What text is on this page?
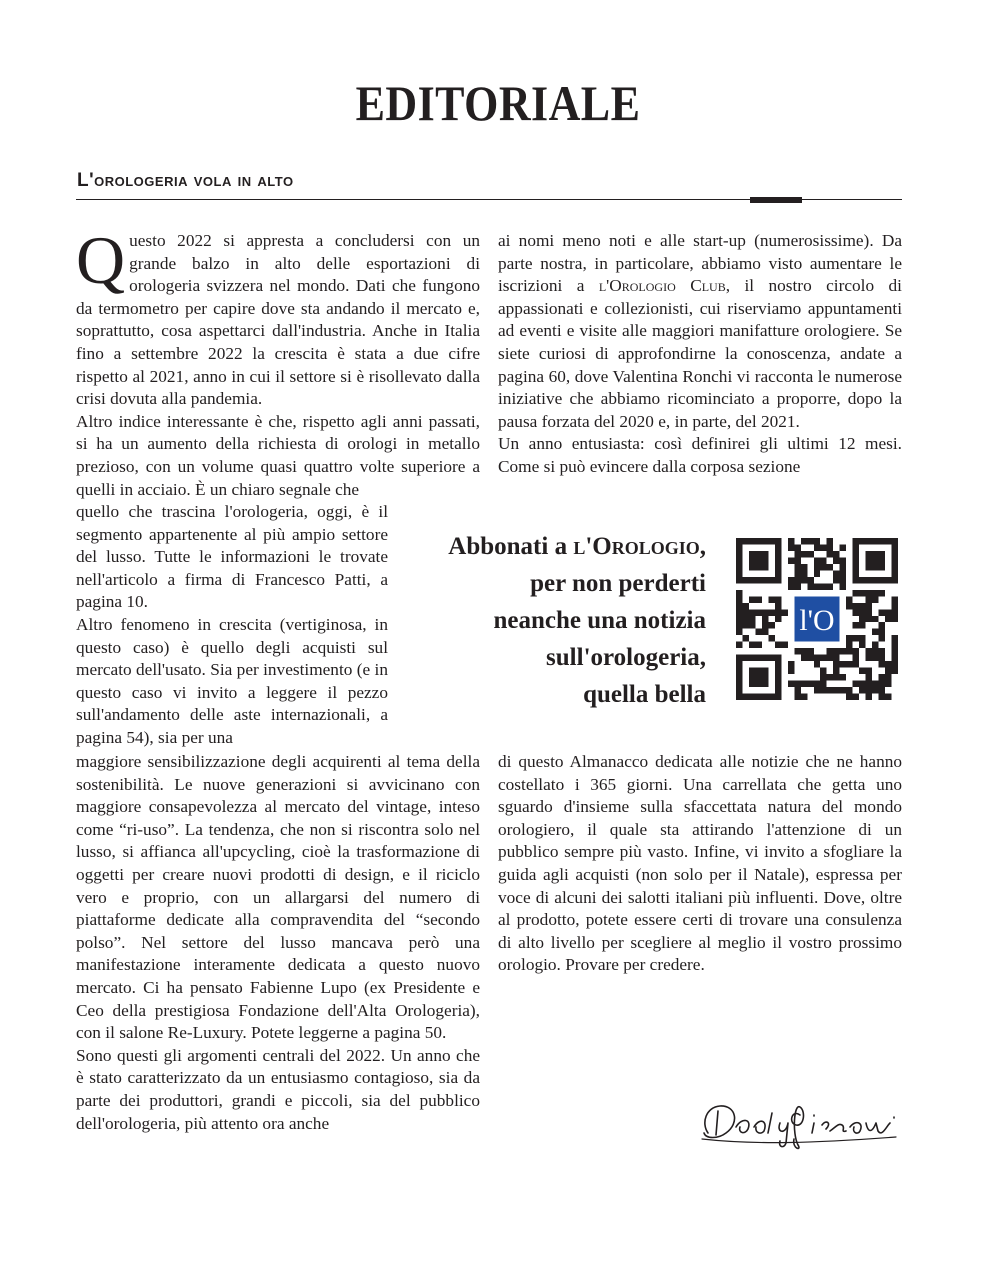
EDITORIALE
L'orologeria vola in alto

Questo 2022 si appresta a concludersi con un grande balzo in alto delle esportazioni di orologeria svizzera nel mondo. Dati che fungono da termometro per capire dove sta andando il mercato e, soprattutto, cosa aspettarci dall'industria. Anche in Italia fino a settembre 2022 la crescita è stata a due cifre rispetto al 2021, anno in cui il settore si è risollevato dalla crisi dovuta alla pandemia.

Altro indice interessante è che, rispetto agli anni passati, si ha un aumento della richiesta di orologi in metallo prezioso, con un volume quasi quattro volte superiore a quelli in acciaio. È un chiaro segnale che

quello che trascina l'orologeria, oggi, è il segmento appartenente al più ampio settore del lusso. Tutte le informazioni le trovate nell'articolo a firma di Francesco Patti, a pagina 10.

Altro fenomeno in crescita (vertiginosa, in questo caso) è quello degli acquisti sul mercato dell'usato. Sia per investimento (e in questo caso vi invito a leggere il pezzo sull'andamento delle aste internazionali, a pagina 54), sia per una

maggiore sensibilizzazione degli acquirenti al tema della sostenibilità. Le nuove generazioni si avvicinano con maggiore consapevolezza al mercato del vintage, inteso come “ri-uso”. La tendenza, che non si riscontra solo nel lusso, si affianca all'upcycling, cioè la trasformazione di oggetti per creare nuovi prodotti di design, e il riciclo vero e proprio, con un allargarsi del numero di piattaforme dedicate alla compravendita del “secondo polso”. Nel settore del lusso mancava però una manifestazione interamente dedicata a questo nuovo mercato. Ci ha pensato Fabienne Lupo (ex Presidente e Ceo della prestigiosa Fondazione dell'Alta Orologeria), con il salone Re-Luxury. Potete leggerne a pagina 50.

Sono questi gli argomenti centrali del 2022. Un anno che è stato caratterizzato da un entusiasmo contagioso, sia da parte dei produttori, grandi e piccoli, sia del pubblico dell'orologeria, più attento ora anche

ai nomi meno noti e alle start-up (numerosissime). Da parte nostra, in particolare, abbiamo visto aumentare le iscrizioni a l'Orologio Club, il nostro circolo di appassionati e collezionisti, cui riserviamo appuntamenti ad eventi e visite alle maggiori manifatture orologiere. Se siete curiosi di approfondirne la conoscenza, andate a pagina 60, dove Valentina Ronchi vi racconta le numerose iniziative che abbiamo ricominciato a proporre, dopo la pausa forzata del 2020 e, in parte, del 2021.

Un anno entusiasta: così definirei gli ultimi 12 mesi. Come si può evincere dalla corposa sezione

Abbonati a l'Orologio,
per non perderti
neanche una notizia
sull'orologeria,
quella bella
l'O

di questo Almanacco dedicata alle notizie che ne hanno costellato i 365 giorni. Una carrellata che getta uno sguardo d'insieme sulla sfaccettata natura del mondo orologiero, il quale sta attirando l'attenzione di un pubblico sempre più vasto. Infine, vi invito a sfogliare la guida agli acquisti (non solo per il Natale), espressa per voce di alcuni dei salotti italiani più influenti. Dove, oltre al prodotto, potete essere certi di trovare una consulenza di alto livello per scegliere al meglio il vostro prossimo orologio. Provare per credere.
